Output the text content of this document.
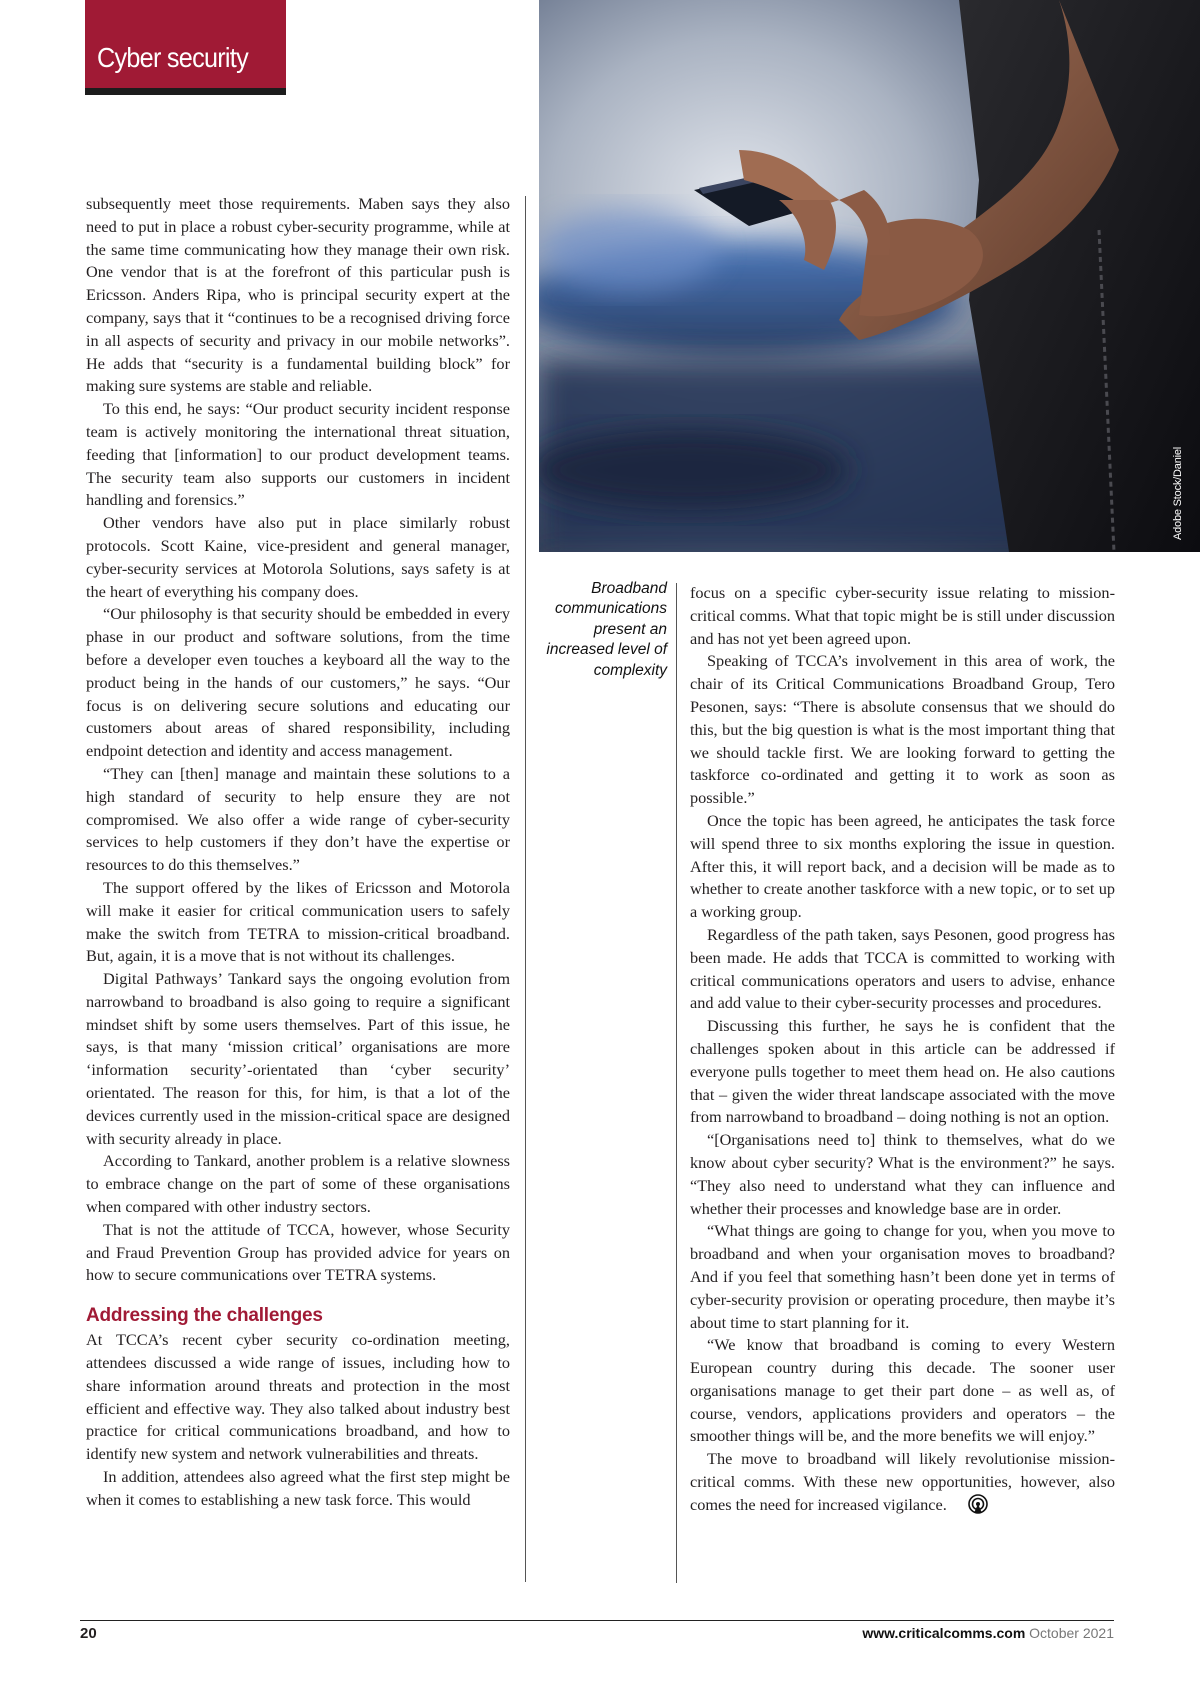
Cyber security
Adobe Stock/Daniel

subsequently meet those requirements. Maben says they also need to put in place a robust cyber-security programme, while at the same time communicating how they manage their own risk. One vendor that is at the forefront of this particular push is Ericsson. Anders Ripa, who is principal security expert at the company, says that it “continues to be a recognised driving force in all aspects of security and privacy in our mobile networks”. He adds that “security is a fundamental building block” for making sure systems are stable and reliable.

To this end, he says: “Our product security incident response team is actively monitoring the international threat situation, feeding that [information] to our product development teams. The security team also supports our customers in incident handling and forensics.”

Other vendors have also put in place similarly robust protocols. Scott Kaine, vice-president and general manager, cyber-security services at Motorola Solutions, says safety is at the heart of everything his company does.

“Our philosophy is that security should be embedded in every phase in our product and software solutions, from the time before a developer even touches a keyboard all the way to the product being in the hands of our customers,” he says. “Our focus is on delivering secure solutions and educating our customers about areas of shared responsibility, including endpoint detection and identity and access management.

“They can [then] manage and maintain these solutions to a high standard of security to help ensure they are not compromised. We also offer a wide range of cyber-security services to help customers if they don’t have the expertise or resources to do this themselves.”

The support offered by the likes of Ericsson and Motorola will make it easier for critical communication users to safely make the switch from TETRA to mission-critical broadband. But, again, it is a move that is not without its challenges.

Digital Pathways’ Tankard says the ongoing evolution from narrowband to broadband is also going to require a significant mindset shift by some users themselves. Part of this issue, he says, is that many ‘mission critical’ organisations are more ‘information security’-orientated than ‘cyber security’ orientated. The reason for this, for him, is that a lot of the devices currently used in the mission-critical space are designed with security already in place.

According to Tankard, another problem is a relative slowness to embrace change on the part of some of these organisations when compared with other industry sectors.

That is not the attitude of TCCA, however, whose Security and Fraud Prevention Group has provided advice for years on how to secure communications over TETRA systems.

Addressing the challenges

At TCCA’s recent cyber security co-ordination meeting, attendees discussed a wide range of issues, including how to share information around threats and protection in the most efficient and effective way. They also talked about industry best practice for critical communications broadband, and how to identify new system and network vulnerabilities and threats.

In addition, attendees also agreed what the first step might be when it comes to establishing a new task force. This would

Broadband communications present an increased level of complexity

focus on a specific cyber-security issue relating to mission-critical comms. What that topic might be is still under discussion and has not yet been agreed upon.

Speaking of TCCA’s involvement in this area of work, the chair of its Critical Communications Broadband Group, Tero Pesonen, says: “There is absolute consensus that we should do this, but the big question is what is the most important thing that we should tackle first. We are looking forward to getting the taskforce co-ordinated and getting it to work as soon as possible.”

Once the topic has been agreed, he anticipates the task force will spend three to six months exploring the issue in question. After this, it will report back, and a decision will be made as to whether to create another taskforce with a new topic, or to set up a working group.

Regardless of the path taken, says Pesonen, good progress has been made. He adds that TCCA is committed to working with critical communications operators and users to advise, enhance and add value to their cyber-security processes and procedures.

Discussing this further, he says he is confident that the challenges spoken about in this article can be addressed if everyone pulls together to meet them head on. He also cautions that – given the wider threat landscape associated with the move from narrowband to broadband – doing nothing is not an option.

“[Organisations need to] think to themselves, what do we know about cyber security? What is the environment?” he says. “They also need to understand what they can influence and whether their processes and knowledge base are in order.

“What things are going to change for you, when you move to broadband and when your organisation moves to broadband? And if you feel that something hasn’t been done yet in terms of cyber-security provision or operating procedure, then maybe it’s about time to start planning for it.

“We know that broadband is coming to every Western European country during this decade. The sooner user organisations manage to get their part done – as well as, of course, vendors, applications providers and operators – the smoother things will be, and the more benefits we will enjoy.”

The move to broadband will likely revolutionise mission-critical comms. With these new opportunities, however, also comes the need for increased vigilance.

20	www.criticalcomms.com October 2021
